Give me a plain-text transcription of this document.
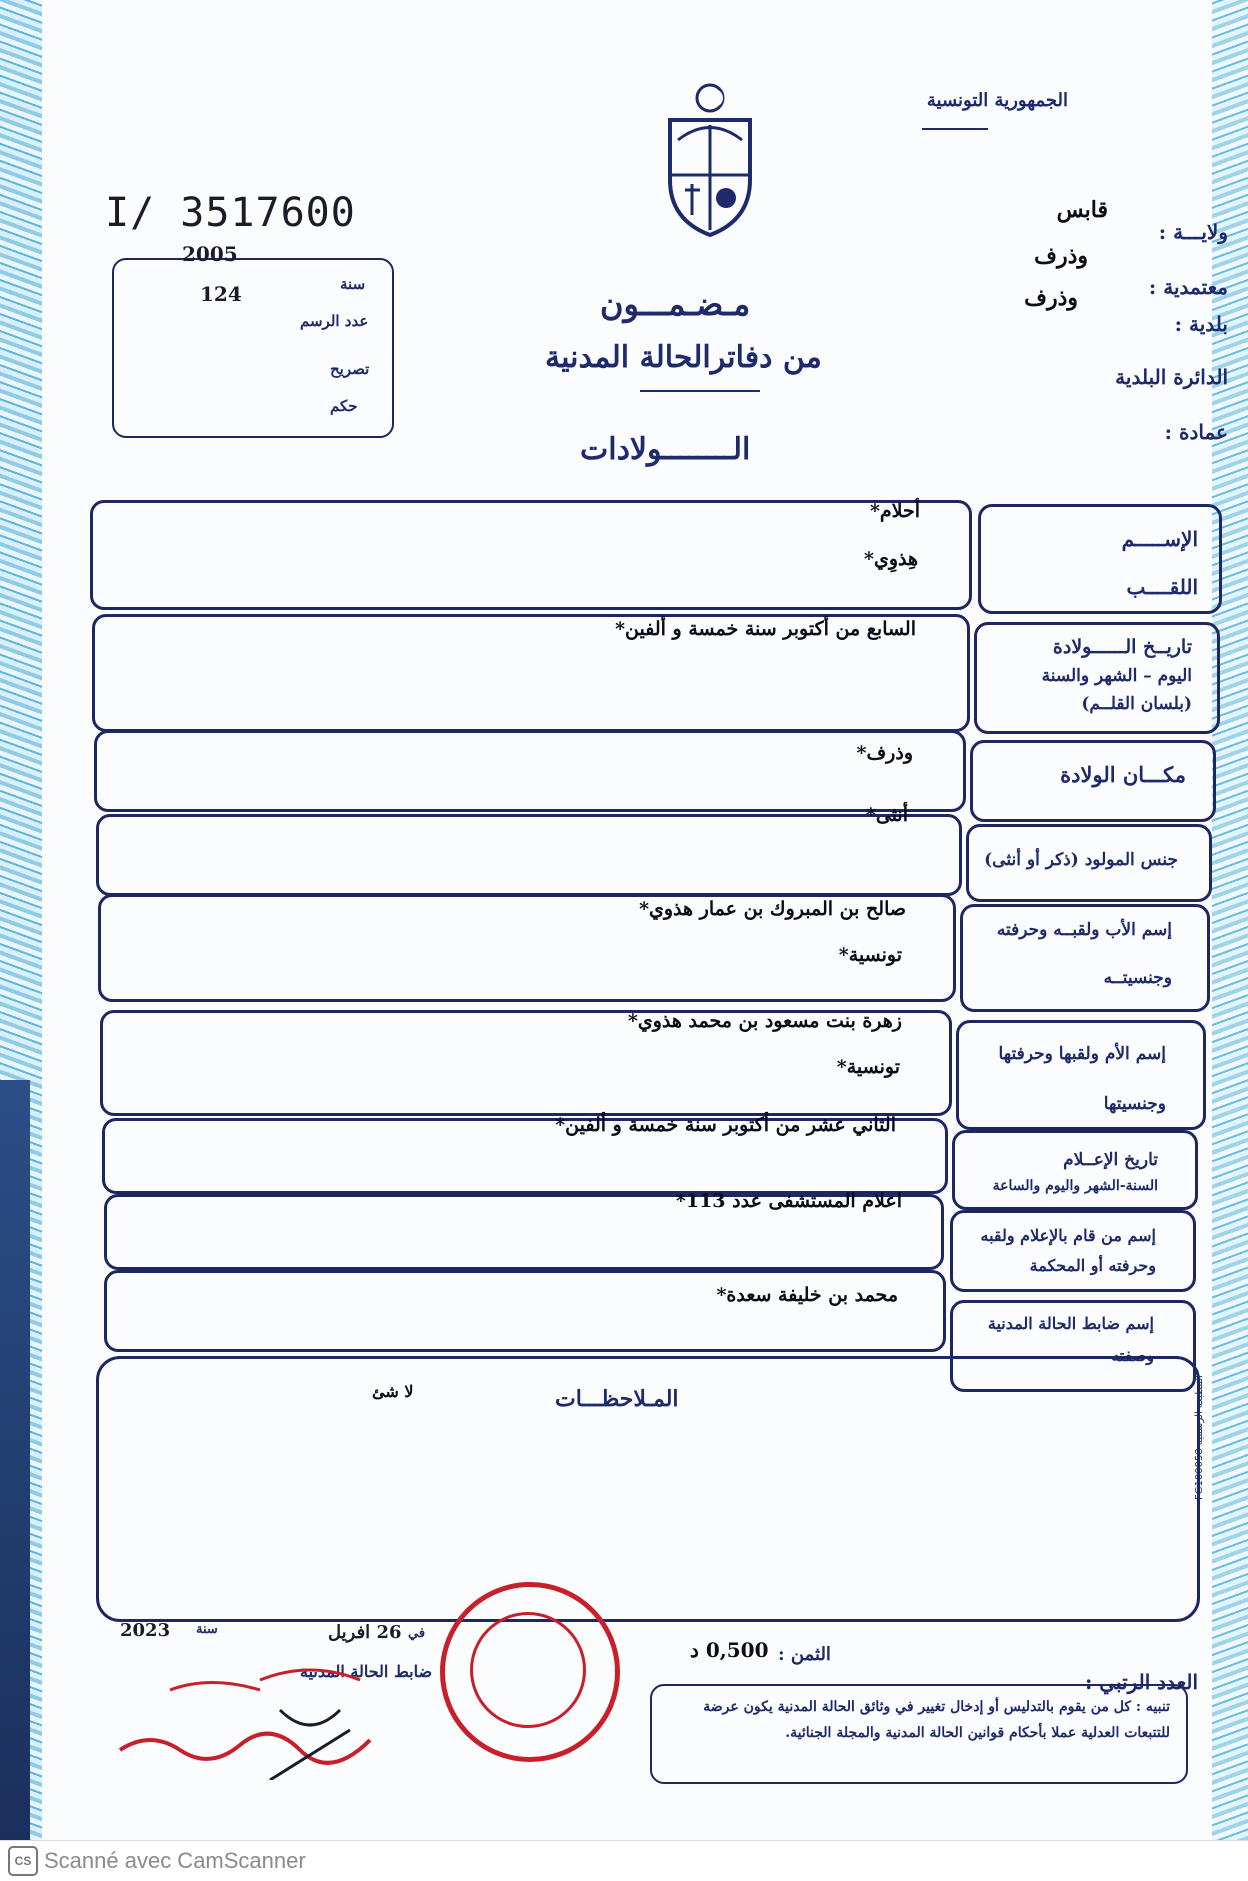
الجمهورية التونسية
I/ 3517600	ولايـــة :
قابس
معتمدية :
وذرف
بلدية :
وذرف
الدائرة البلدية
عمادة :
2005
سنة
124
عدد الرسم
تصريح
حكم
مـضـمـــون
من دفاترالحالة المدنية
الــــــــولادات
الإســـــم
اللقــــب
أحلام*
هِذوِي*
تاريــخ الــــــولادة
اليوم – الشهر والسنة
(بلسان القلــم)
السابع من أكتوبر سنة خمسة و ألفين*
مكـــان الولادة
وذرف*
جنس المولود (ذكر أو أنثى)
أنثى*
إسم الأب ولقبــه وحرفته
وجنسيتــه
صالح بن المبروك بن عمار هذوي*
تونسية*
إسم الأم ولقبها وحرفتها
وجنسيتها
زهرة بنت مسعود بن محمد هذوي*
تونسية*
تاريخ الإعــلام
السنة-الشهر واليوم والساعة
الثاني عشر من أكتوبر سنة خمسة و ألفين*
إسم من قام بالإعلام ولقبه
وحرفته أو المحكمة
اعلام المستشفى عدد 113*
إسم ضابط الحالة المدنية
وصفته
محمد بن خليفة سعدة*
المـلاحظـــات
لا شئ
المطبعة الرسمية FG100058
2023 سنة	26 افريل في
ضابط الحالة المدنية
الثمن :
0,500 د
العدد الرتبي :
تنبيه : كل من يقوم بالتدليس أو إدخال تغيير في وثائق الحالة المدنية يكون عرضة للتتبعات العدلية عملا بأحكام قوانين الحالة المدنية والمجلة الجنائية.
CS Scanné avec CamScanner
